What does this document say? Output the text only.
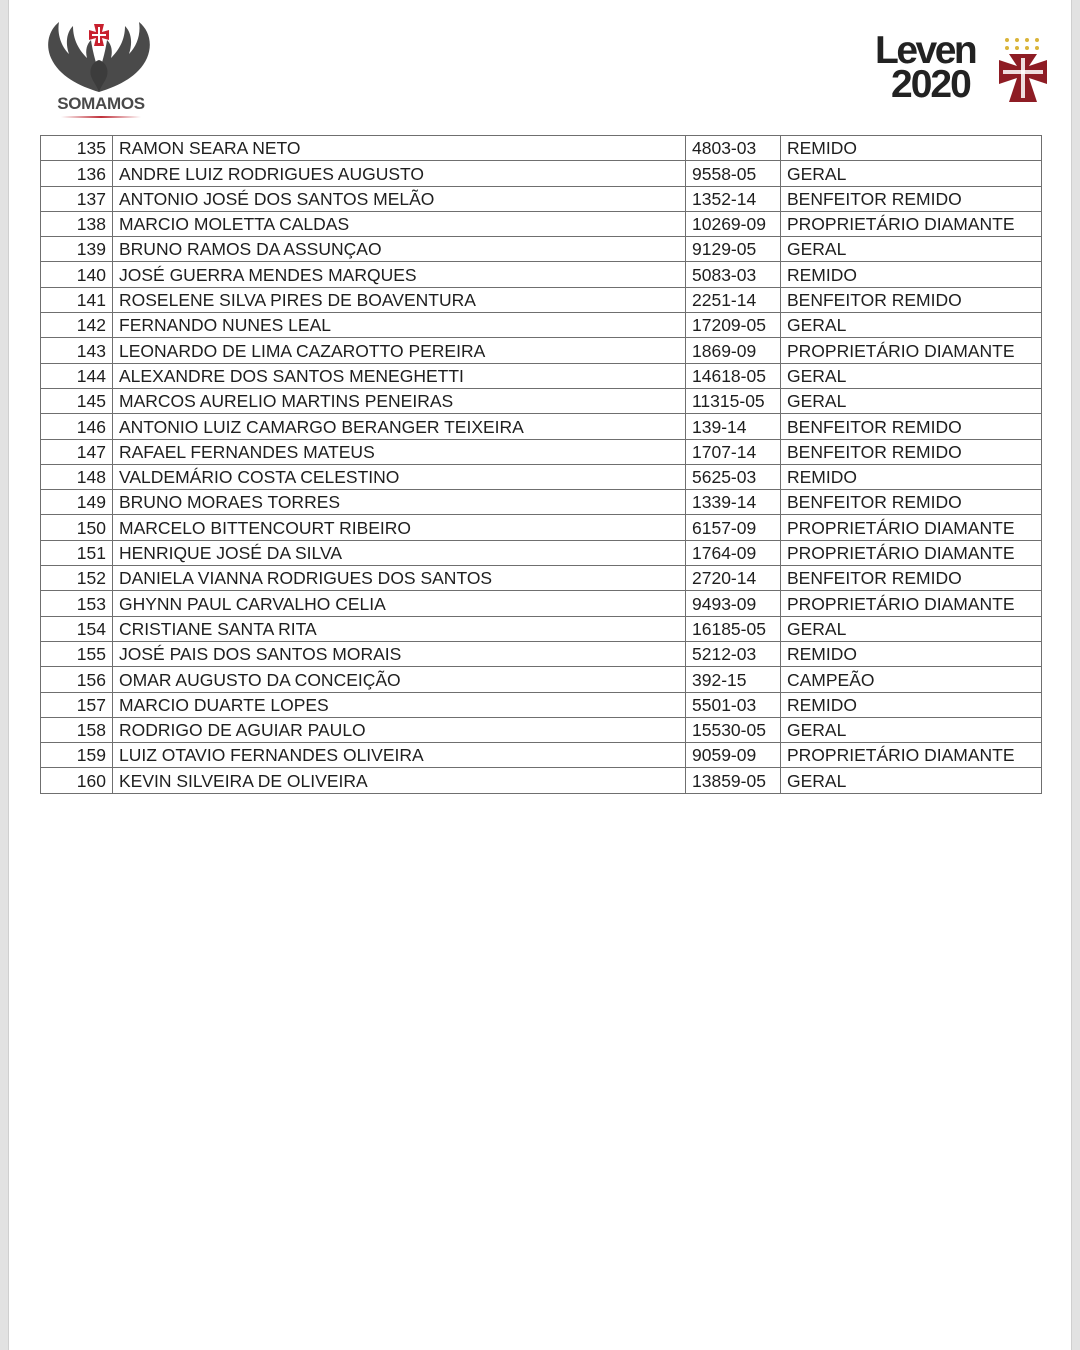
SOMAMOS
Leven
2020
135	RAMON SEARA NETO	4803-03	REMIDO
136	ANDRE LUIZ RODRIGUES AUGUSTO	9558-05	GERAL
137	ANTONIO JOSÉ DOS SANTOS MELÃO	1352-14	BENFEITOR REMIDO
138	MARCIO MOLETTA CALDAS	10269-09	PROPRIETÁRIO DIAMANTE
139	BRUNO RAMOS DA ASSUNÇAO	9129-05	GERAL
140	JOSÉ GUERRA MENDES MARQUES	5083-03	REMIDO
141	ROSELENE SILVA PIRES DE BOAVENTURA	2251-14	BENFEITOR REMIDO
142	FERNANDO NUNES LEAL	17209-05	GERAL
143	LEONARDO DE LIMA CAZAROTTO PEREIRA	1869-09	PROPRIETÁRIO DIAMANTE
144	ALEXANDRE DOS SANTOS MENEGHETTI	14618-05	GERAL
145	MARCOS AURELIO MARTINS PENEIRAS	11315-05	GERAL
146	ANTONIO LUIZ CAMARGO BERANGER TEIXEIRA	139-14	BENFEITOR REMIDO
147	RAFAEL FERNANDES MATEUS	1707-14	BENFEITOR REMIDO
148	VALDEMÁRIO COSTA CELESTINO	5625-03	REMIDO
149	BRUNO MORAES TORRES	1339-14	BENFEITOR REMIDO
150	MARCELO BITTENCOURT RIBEIRO	6157-09	PROPRIETÁRIO DIAMANTE
151	HENRIQUE JOSÉ DA SILVA	1764-09	PROPRIETÁRIO DIAMANTE
152	DANIELA VIANNA RODRIGUES DOS SANTOS	2720-14	BENFEITOR REMIDO
153	GHYNN PAUL CARVALHO CELIA	9493-09	PROPRIETÁRIO DIAMANTE
154	CRISTIANE SANTA RITA	16185-05	GERAL
155	JOSÉ PAIS DOS SANTOS MORAIS	5212-03	REMIDO
156	OMAR AUGUSTO DA CONCEIÇÃO	392-15	CAMPEÃO
157	MARCIO DUARTE LOPES	5501-03	REMIDO
158	RODRIGO DE AGUIAR PAULO	15530-05	GERAL
159	LUIZ OTAVIO FERNANDES OLIVEIRA	9059-09	PROPRIETÁRIO DIAMANTE
160	KEVIN SILVEIRA DE OLIVEIRA	13859-05	GERAL
